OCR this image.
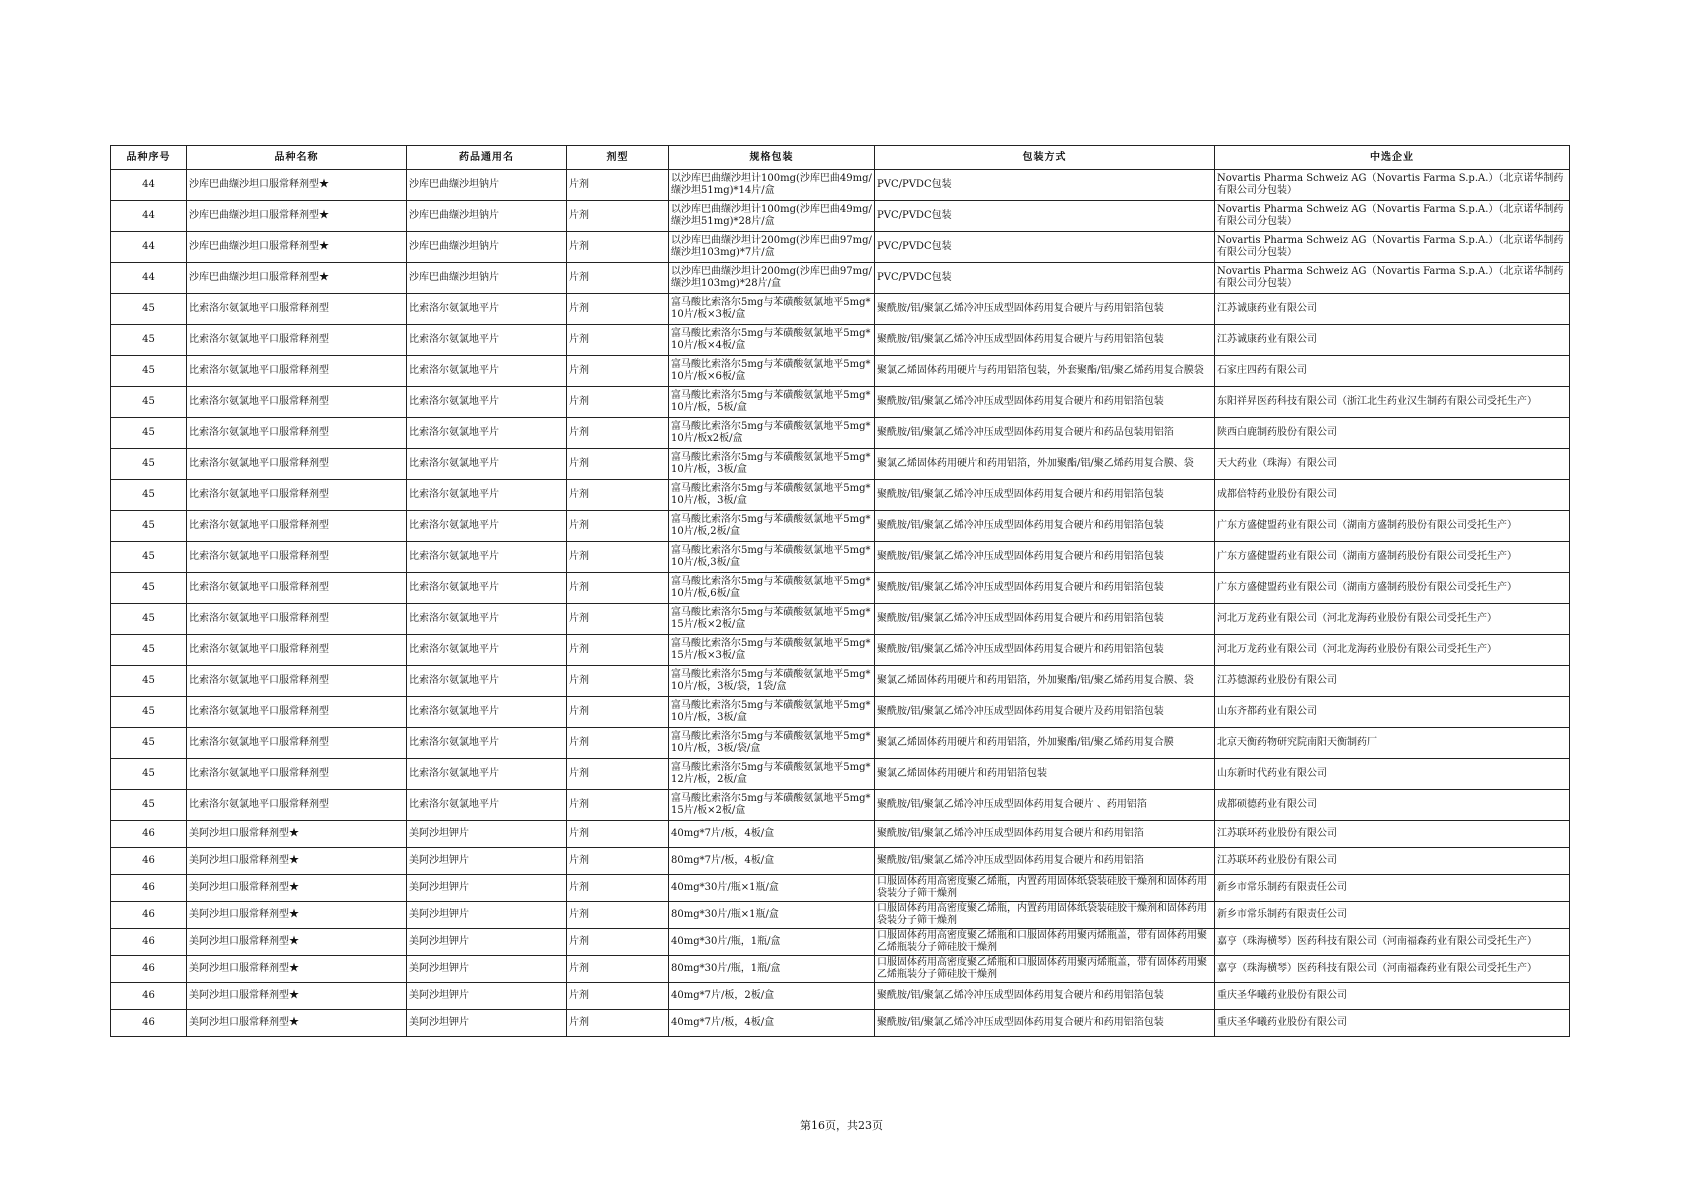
品种序号	品种名称	药品通用名	剂型	规格包装	包装方式	中选企业
44	沙库巴曲缬沙坦口服常释剂型★	沙库巴曲缬沙坦钠片	片剂	以沙库巴曲缬沙坦计100mg(沙库巴曲49mg/缬沙坦51mg)*14片/盒	PVC/PVDC包装	Novartis Pharma Schweiz AG（Novartis Farma S.p.A.）（北京诺华制药有限公司分包装）
44	沙库巴曲缬沙坦口服常释剂型★	沙库巴曲缬沙坦钠片	片剂	以沙库巴曲缬沙坦计100mg(沙库巴曲49mg/缬沙坦51mg)*28片/盒	PVC/PVDC包装	Novartis Pharma Schweiz AG（Novartis Farma S.p.A.）（北京诺华制药有限公司分包装）
44	沙库巴曲缬沙坦口服常释剂型★	沙库巴曲缬沙坦钠片	片剂	以沙库巴曲缬沙坦计200mg(沙库巴曲97mg/缬沙坦103mg)*7片/盒	PVC/PVDC包装	Novartis Pharma Schweiz AG（Novartis Farma S.p.A.）（北京诺华制药有限公司分包装）
44	沙库巴曲缬沙坦口服常释剂型★	沙库巴曲缬沙坦钠片	片剂	以沙库巴曲缬沙坦计200mg(沙库巴曲97mg/缬沙坦103mg)*28片/盒	PVC/PVDC包装	Novartis Pharma Schweiz AG（Novartis Farma S.p.A.）（北京诺华制药有限公司分包装）
45	比索洛尔氨氯地平口服常释剂型	比索洛尔氨氯地平片	片剂	富马酸比索洛尔5mg与苯磺酸氨氯地平5mg*10片/板×3板/盒	聚酰胺/铝/聚氯乙烯冷冲压成型固体药用复合硬片与药用铝箔包装	江苏诚康药业有限公司
45	比索洛尔氨氯地平口服常释剂型	比索洛尔氨氯地平片	片剂	富马酸比索洛尔5mg与苯磺酸氨氯地平5mg*10片/板×4板/盒	聚酰胺/铝/聚氯乙烯冷冲压成型固体药用复合硬片与药用铝箔包装	江苏诚康药业有限公司
45	比索洛尔氨氯地平口服常释剂型	比索洛尔氨氯地平片	片剂	富马酸比索洛尔5mg与苯磺酸氨氯地平5mg*10片/板×6板/盒	聚氯乙烯固体药用硬片与药用铝箔包装，外套聚酯/铝/聚乙烯药用复合膜袋	石家庄四药有限公司
45	比索洛尔氨氯地平口服常释剂型	比索洛尔氨氯地平片	片剂	富马酸比索洛尔5mg与苯磺酸氨氯地平5mg*10片/板，5板/盒	聚酰胺/铝/聚氯乙烯冷冲压成型固体药用复合硬片和药用铝箔包装	东阳祥昇医药科技有限公司（浙江北生药业汉生制药有限公司受托生产）
45	比索洛尔氨氯地平口服常释剂型	比索洛尔氨氯地平片	片剂	富马酸比索洛尔5mg与苯磺酸氨氯地平5mg*10片/板x2板/盒	聚酰胺/铝/聚氯乙烯冷冲压成型固体药用复合硬片和药品包装用铝箔	陕西白鹿制药股份有限公司
45	比索洛尔氨氯地平口服常释剂型	比索洛尔氨氯地平片	片剂	富马酸比索洛尔5mg与苯磺酸氨氯地平5mg*10片/板，3板/盒	聚氯乙烯固体药用硬片和药用铝箔，外加聚酯/铝/聚乙烯药用复合膜、袋	天大药业（珠海）有限公司
45	比索洛尔氨氯地平口服常释剂型	比索洛尔氨氯地平片	片剂	富马酸比索洛尔5mg与苯磺酸氨氯地平5mg*10片/板，3板/盒	聚酰胺/铝/聚氯乙烯冷冲压成型固体药用复合硬片和药用铝箔包装	成都倍特药业股份有限公司
45	比索洛尔氨氯地平口服常释剂型	比索洛尔氨氯地平片	片剂	富马酸比索洛尔5mg与苯磺酸氨氯地平5mg*10片/板,2板/盒	聚酰胺/铝/聚氯乙烯冷冲压成型固体药用复合硬片和药用铝箔包装	广东方盛健盟药业有限公司（湖南方盛制药股份有限公司受托生产）
45	比索洛尔氨氯地平口服常释剂型	比索洛尔氨氯地平片	片剂	富马酸比索洛尔5mg与苯磺酸氨氯地平5mg*10片/板,3板/盒	聚酰胺/铝/聚氯乙烯冷冲压成型固体药用复合硬片和药用铝箔包装	广东方盛健盟药业有限公司（湖南方盛制药股份有限公司受托生产）
45	比索洛尔氨氯地平口服常释剂型	比索洛尔氨氯地平片	片剂	富马酸比索洛尔5mg与苯磺酸氨氯地平5mg*10片/板,6板/盒	聚酰胺/铝/聚氯乙烯冷冲压成型固体药用复合硬片和药用铝箔包装	广东方盛健盟药业有限公司（湖南方盛制药股份有限公司受托生产）
45	比索洛尔氨氯地平口服常释剂型	比索洛尔氨氯地平片	片剂	富马酸比索洛尔5mg与苯磺酸氨氯地平5mg*15片/板×2板/盒	聚酰胺/铝/聚氯乙烯冷冲压成型固体药用复合硬片和药用铝箔包装	河北万龙药业有限公司（河北龙海药业股份有限公司受托生产）
45	比索洛尔氨氯地平口服常释剂型	比索洛尔氨氯地平片	片剂	富马酸比索洛尔5mg与苯磺酸氨氯地平5mg*15片/板×3板/盒	聚酰胺/铝/聚氯乙烯冷冲压成型固体药用复合硬片和药用铝箔包装	河北万龙药业有限公司（河北龙海药业股份有限公司受托生产）
45	比索洛尔氨氯地平口服常释剂型	比索洛尔氨氯地平片	片剂	富马酸比索洛尔5mg与苯磺酸氨氯地平5mg*10片/板，3板/袋，1袋/盒	聚氯乙烯固体药用硬片和药用铝箔，外加聚酯/铝/聚乙烯药用复合膜、袋	江苏德源药业股份有限公司
45	比索洛尔氨氯地平口服常释剂型	比索洛尔氨氯地平片	片剂	富马酸比索洛尔5mg与苯磺酸氨氯地平5mg*10片/板，3板/盒	聚酰胺/铝/聚氯乙烯冷冲压成型固体药用复合硬片及药用铝箔包装	山东齐都药业有限公司
45	比索洛尔氨氯地平口服常释剂型	比索洛尔氨氯地平片	片剂	富马酸比索洛尔5mg与苯磺酸氨氯地平5mg*10片/板，3板/袋/盒	聚氯乙烯固体药用硬片和药用铝箔，外加聚酯/铝/聚乙烯药用复合膜	北京天衡药物研究院南阳天衡制药厂
45	比索洛尔氨氯地平口服常释剂型	比索洛尔氨氯地平片	片剂	富马酸比索洛尔5mg与苯磺酸氨氯地平5mg*12片/板，2板/盒	聚氯乙烯固体药用硬片和药用铝箔包装	山东新时代药业有限公司
45	比索洛尔氨氯地平口服常释剂型	比索洛尔氨氯地平片	片剂	富马酸比索洛尔5mg与苯磺酸氨氯地平5mg*15片/板×2板/盒	聚酰胺/铝/聚氯乙烯冷冲压成型固体药用复合硬片 、药用铝箔	成都硕德药业有限公司
46	美阿沙坦口服常释剂型★	美阿沙坦钾片	片剂	40mg*7片/板，4板/盒	聚酰胺/铝/聚氯乙烯冷冲压成型固体药用复合硬片和药用铝箔	江苏联环药业股份有限公司
46	美阿沙坦口服常释剂型★	美阿沙坦钾片	片剂	80mg*7片/板，4板/盒	聚酰胺/铝/聚氯乙烯冷冲压成型固体药用复合硬片和药用铝箔	江苏联环药业股份有限公司
46	美阿沙坦口服常释剂型★	美阿沙坦钾片	片剂	40mg*30片/瓶×1瓶/盒	口服固体药用高密度聚乙烯瓶，内置药用固体纸袋装硅胶干燥剂和固体药用袋装分子筛干燥剂	新乡市常乐制药有限责任公司
46	美阿沙坦口服常释剂型★	美阿沙坦钾片	片剂	80mg*30片/瓶×1瓶/盒	口服固体药用高密度聚乙烯瓶，内置药用固体纸袋装硅胶干燥剂和固体药用袋装分子筛干燥剂	新乡市常乐制药有限责任公司
46	美阿沙坦口服常释剂型★	美阿沙坦钾片	片剂	40mg*30片/瓶，1瓶/盒	口服固体药用高密度聚乙烯瓶和口服固体药用聚丙烯瓶盖，带有固体药用聚乙烯瓶装分子筛硅胶干燥剂	嘉亨（珠海横琴）医药科技有限公司（河南福森药业有限公司受托生产）
46	美阿沙坦口服常释剂型★	美阿沙坦钾片	片剂	80mg*30片/瓶，1瓶/盒	口服固体药用高密度聚乙烯瓶和口服固体药用聚丙烯瓶盖，带有固体药用聚乙烯瓶装分子筛硅胶干燥剂	嘉亨（珠海横琴）医药科技有限公司（河南福森药业有限公司受托生产）
46	美阿沙坦口服常释剂型★	美阿沙坦钾片	片剂	40mg*7片/板，2板/盒	聚酰胺/铝/聚氯乙烯冷冲压成型固体药用复合硬片和药用铝箔包装	重庆圣华曦药业股份有限公司
46	美阿沙坦口服常释剂型★	美阿沙坦钾片	片剂	40mg*7片/板，4板/盒	聚酰胺/铝/聚氯乙烯冷冲压成型固体药用复合硬片和药用铝箔包装	重庆圣华曦药业股份有限公司
第16页，共23页
